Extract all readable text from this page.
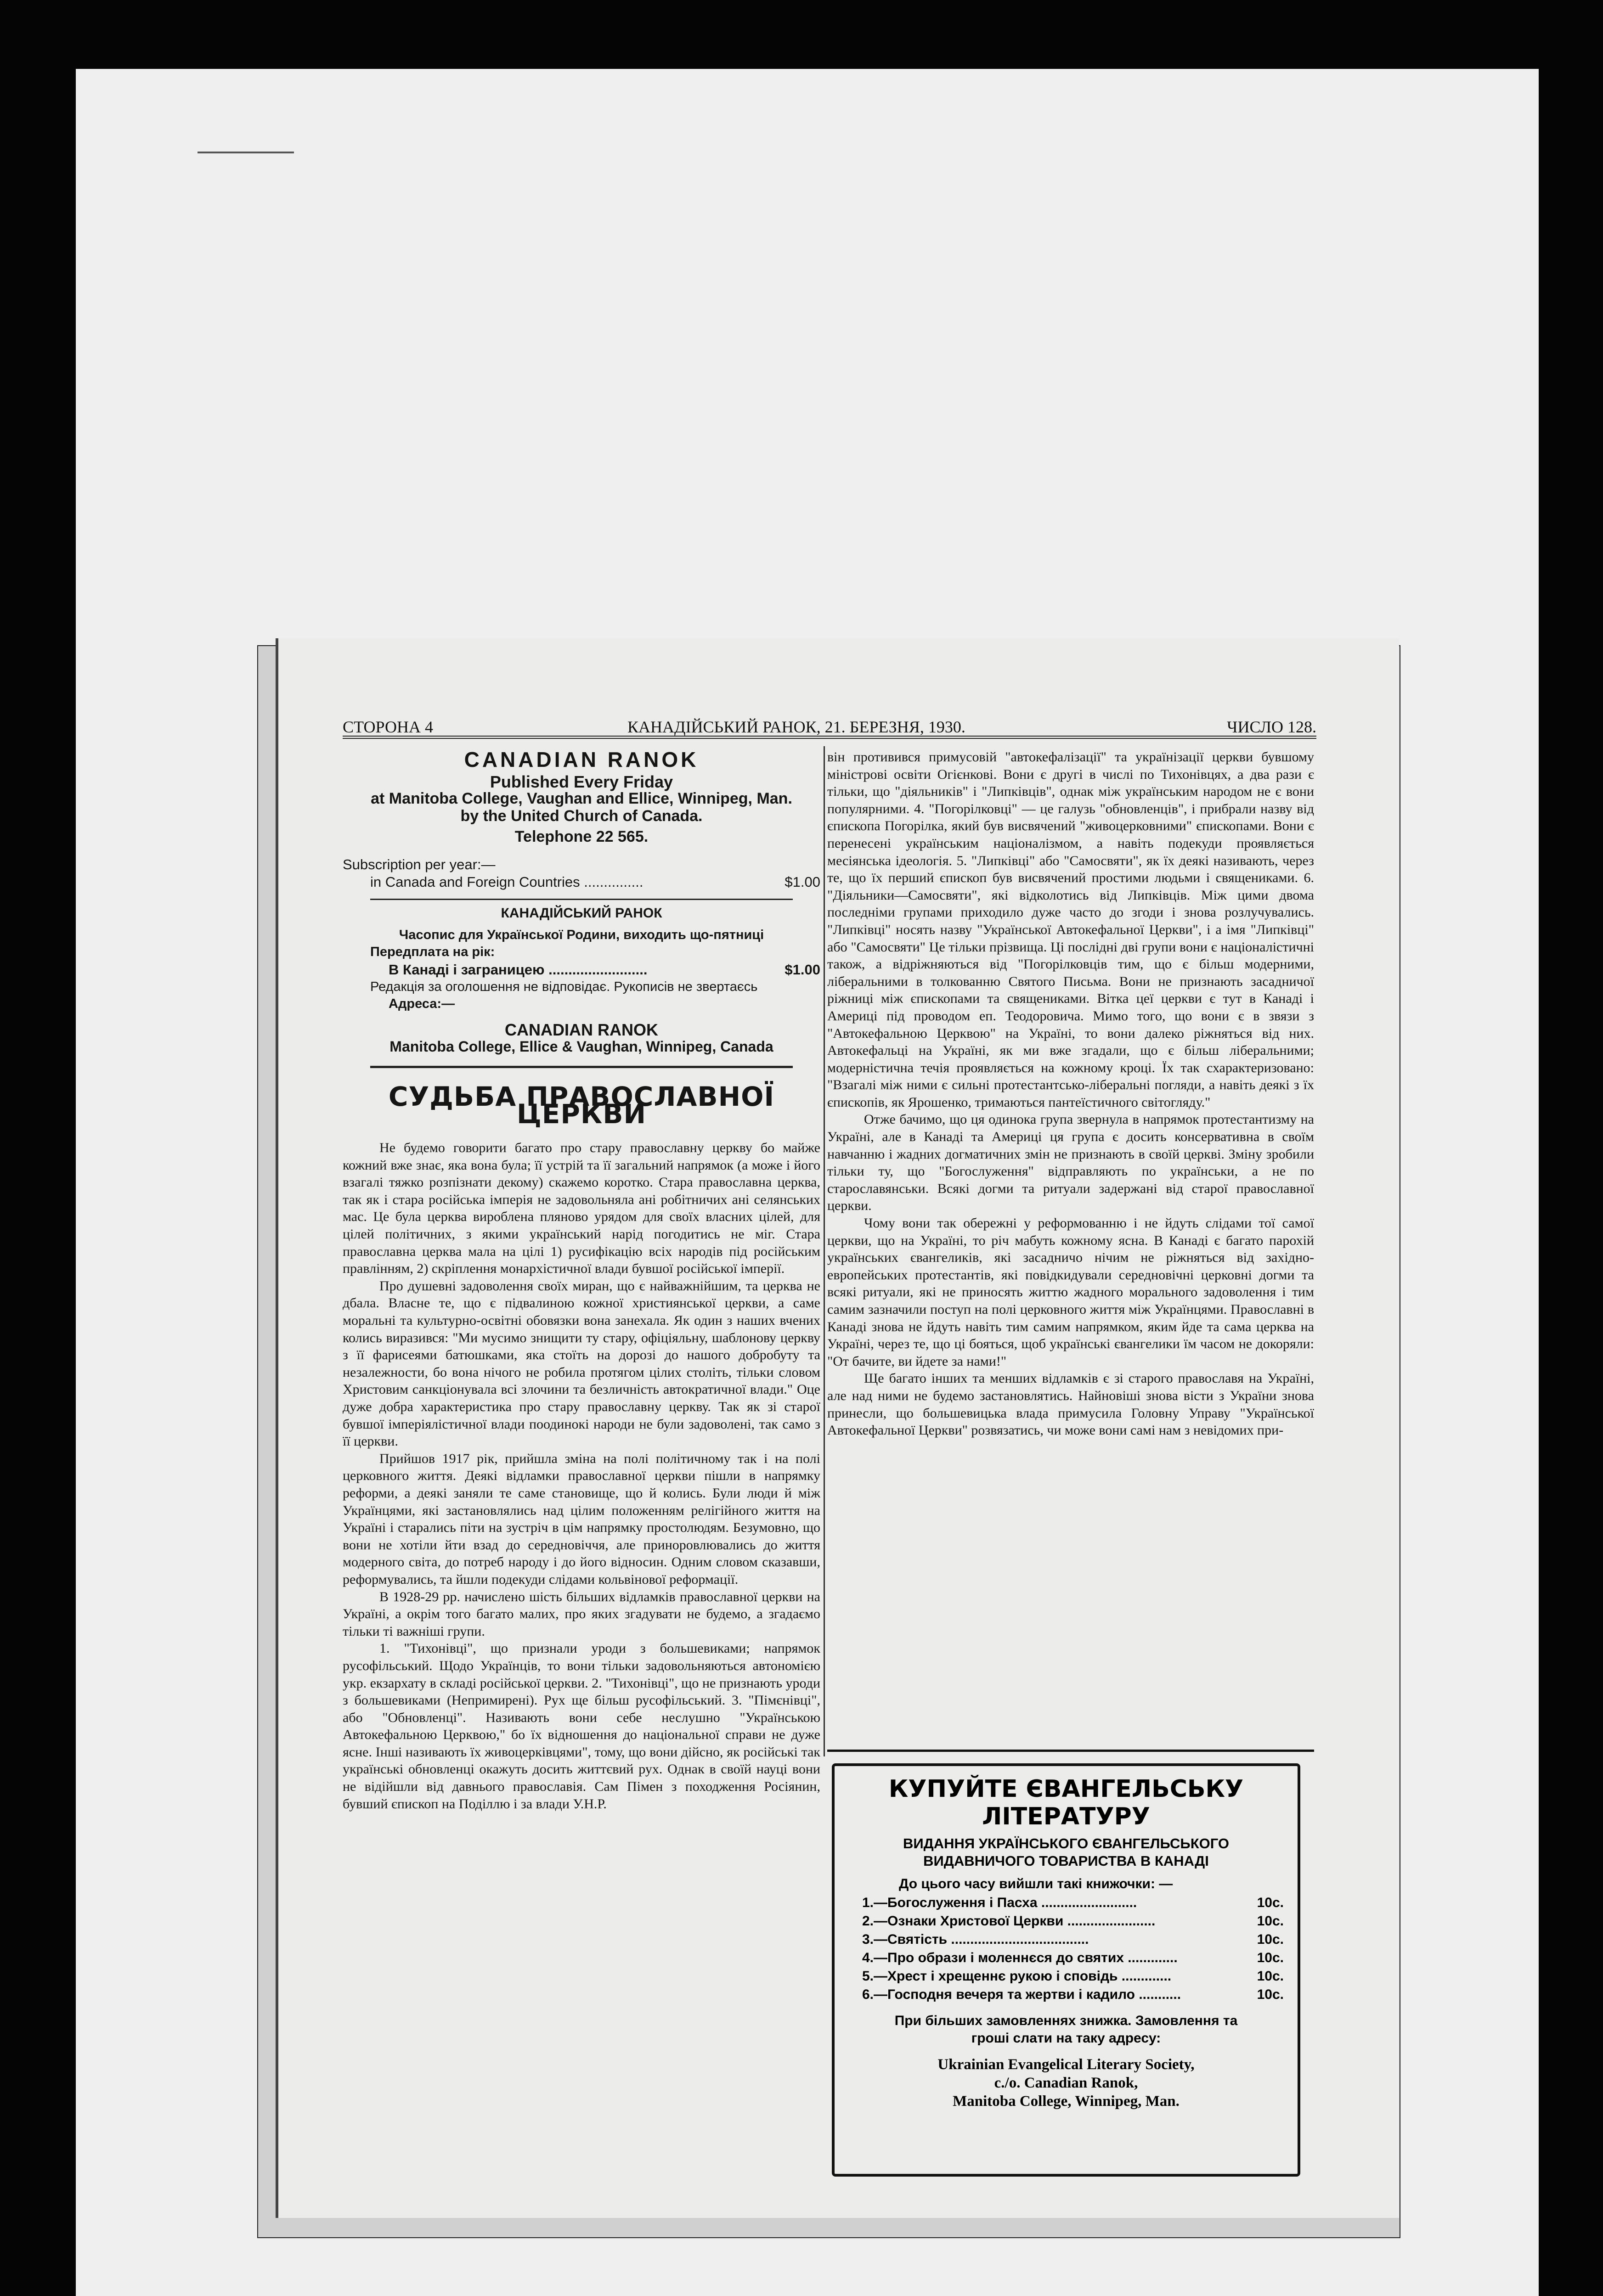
СТОРОНА 4	КАНАДІЙСЬКИЙ РАНОК, 21. БЕРЕЗНЯ, 1930.	ЧИСЛО 128.
CANADIAN RANOK
Published Every Friday
at Manitoba College, Vaughan and Ellice, Winnipeg, Man.
by the United Church of Canada.
Telephone 22 565.
Subscription per year:—
in Canada and Foreign Countries ...............	$1.00
КАНАДІЙСЬКИЙ РАНОК
Часопис для Української Родини, виходить що-пятниці
Передплата на рік:
В Канаді і заграницею .........................	$1.00
Редакція за оголошення не відповідає. Рукописів не звертаєсь
Адреса:—
CANADIAN RANOK
Manitoba College, Ellice & Vaughan, Winnipeg, Canada
СУДЬБА ПРАВОСЛАВНОЇ ЦЕРКВИ

Не будемо говорити багато про стару православну церкву бо майже кожний вже знає, яка вона була; її устрій та її загальний напрямок (а може і його взагалі тяжко розпізнати декому) скажемо коротко. Стара православна церква, так як і стара російська імперія не задовольняла ані робітничих ані селянських мас. Це була церква вироблена пляново урядом для своїх власних цілей, для цілей політичних, з якими український нарід погодитись не міг. Стара православна церква мала на цілі 1) русифікацію всіх народів під російським правлінням, 2) скріплення монархістичної влади бувшої російської імперії.

Про душевні задоволення своїх миран, що є найважнійшим, та церква не дбала. Власне те, що є підвалиною кожної християнської церкви, а саме моральні та культурно-освітні обовязки вона занехала. Як один з наших вчених колись виразився: "Ми мусимо знищити ту стару, офіціяльну, шаблонову церкву з її фарисеями батюшками, яка стоїть на дорозі до нашого добробуту та незалежности, бо вона нічого не робила протягом цілих століть, тільки словом Христовим санкціонувала всі злочини та безличність автократичної влади." Оце дуже добра характеристика про стару православну церкву. Так як зі старої бувшої імперіялістичної влади поодинокі народи не були задоволені, так само з її церкви.

Прийшов 1917 рік, прийшла зміна на полі політичному так і на полі церковного життя. Деякі відламки православної церкви пішли в напрямку реформи, а деякі заняли те саме становище, що й колись. Були люди й між Українцями, які застановлялись над цілим положенням релігійного життя на Україні і старались піти на зустріч в цім напрямку простолюдям. Безумовно, що вони не хотіли йти взад до середновіччя, але приноровлювались до життя модерного світа, до потреб народу і до його відносин. Одним словом сказавши, реформувались, та йшли подекуди слідами кольвінової реформації.

В 1928-29 рр. начислено шість більших відламків православної церкви на Україні, а окрім того багато малих, про яких згадувати не будемо, а згадаємо тільки ті важніші групи.

1. "Тихонівці", що признали уроди з большевиками; напрямок русофільський. Щодо Українців, то вони тільки задовольняються автономією укр. екзархату в складі російської церкви. 2. "Тихонівці", що не признають уроди з большевиками (Непримирені). Рух ще більш русофільський. 3. "Пімєнівці", або "Обновленці". Називають вони себе неслушно "Українською Автокефальною Церквою," бо їх відношення до національної справи не дуже ясне. Інші називають їх живоцерківцями", тому, що вони дійсно, як російські так українські обновленці окажуть досить життєвий рух. Однак в своїй науці вони не відійшли від давнього православія. Сам Пімен з походження Росіянин, бувший єпископ на Поділлю і за влади У.Н.Р.

він противився примусовій "автокефалізації" та українізації церкви бувшому міністрові освіти Огієнкові. Вони є другі в числі по Тихонівцях, а два рази є тільки, що "діяльників" і "Липківців", однак між українським народом не є вони популярними. 4. "Погорілковці" — це галузь "обновленців", і прибрали назву від єпископа Погорілка, який був висвячений "живоцерковними" єпископами. Вони є перенесені українським націоналізмом, а навіть подекуди проявляється месіянська ідеологія. 5. "Липківці" або "Самосвяти", як їх деякі називають, через те, що їх перший єпископ був висвячений простими людьми і священиками. 6. "Діяльники—Самосвяти", які відколотись від Липківців. Між цими двома последніми групами приходило дуже часто до згоди і знова розлучувались. "Липківці" носять назву "Української Автокефальної Церкви", і а імя "Липківці" або "Самосвяти" Це тільки прізвища. Ці послідні дві групи вони є націоналістичні також, а відріжняються від "Погорілковців тим, що є більш модерними, ліберальними в толкованню Святого Письма. Вони не признають засадничої ріжниці між єпископами та священиками. Вітка цеї церкви є тут в Канаді і Америці під проводом еп. Теодоровича. Мимо того, що вони є в звязи з "Автокефальною Церквою" на Україні, то вони далеко ріжняться від них. Автокефальці на Україні, як ми вже згадали, що є більш ліберальними; модерністична течія проявляється на кожному кроці. Їх так схарактеризовано: "Взагалі між ними є сильні протестантсько-ліберальні погляди, а навіть деякі з їх єпископів, як Ярошенко, тримаються пантеїстичного світогляду."

Отже бачимо, що ця одинока група звернула в напрямок протестантизму на Україні, але в Канаді та Америці ця група є досить консервативна в своїм навчанню і жадних догматичних змін не признають в своїй церкві. Зміну зробили тільки ту, що "Богослуження" відправляють по українськи, а не по старославянськи. Всякі догми та ритуали задержані від старої православної церкви.

Чому вони так обережні у реформованню і не йдуть слідами тої самої церкви, що на Україні, то річ мабуть кожному ясна. В Канаді є багато парохій українських євангеликів, які засадничо нічим не ріжняться від західно-европейських протестантів, які повідкидували середновічні церковні догми та всякі ритуали, які не приносять життю жадного морального задоволення і тим самим зазначили поступ на полі церковного життя між Українцями. Православні в Канаді знова не йдуть навіть тим самим напрямком, яким йде та сама церква на Україні, через те, що ці бояться, щоб українські євангелики їм часом не докоряли: "От бачите, ви йдете за нами!"

Ще багато інших та менших відламків є зі старого православя на Україні, але над ними не будемо застановлятись. Найновіші знова вісти з України знова принесли, що большевицька влада примусила Головну Управу "Української Автокефальної Церкви" розвязатись, чи може вони самі нам з невідомих при-

КУПУЙТЕ ЄВАНГЕЛЬСЬКУ ЛІТЕРАТУРУ
ВИДАННЯ УКРАЇНСЬКОГО ЄВАНГЕЛЬСЬКОГО
ВИДАВНИЧОГО ТОВАРИСТВА В КАНАДІ
До цього часу вийшли такі книжочки: —
1.—Богослуження і Пасха .........................	10c.
2.—Ознаки Христової Церкви .......................	10c.
3.—Святість ....................................	10c.
4.—Про образи і моленнєся до святих .............	10c.
5.—Хрест і хрещеннє рукою і сповідь .............	10c.
6.—Господня вечеря та жертви і кадило ...........	10c.
При більших замовленнях знижка. Замовлення та
гроші слати на таку адресу:
Ukrainian Evangelical Literary Society,
c./o. Canadian Ranok,
Manitoba College, Winnipeg, Man.
